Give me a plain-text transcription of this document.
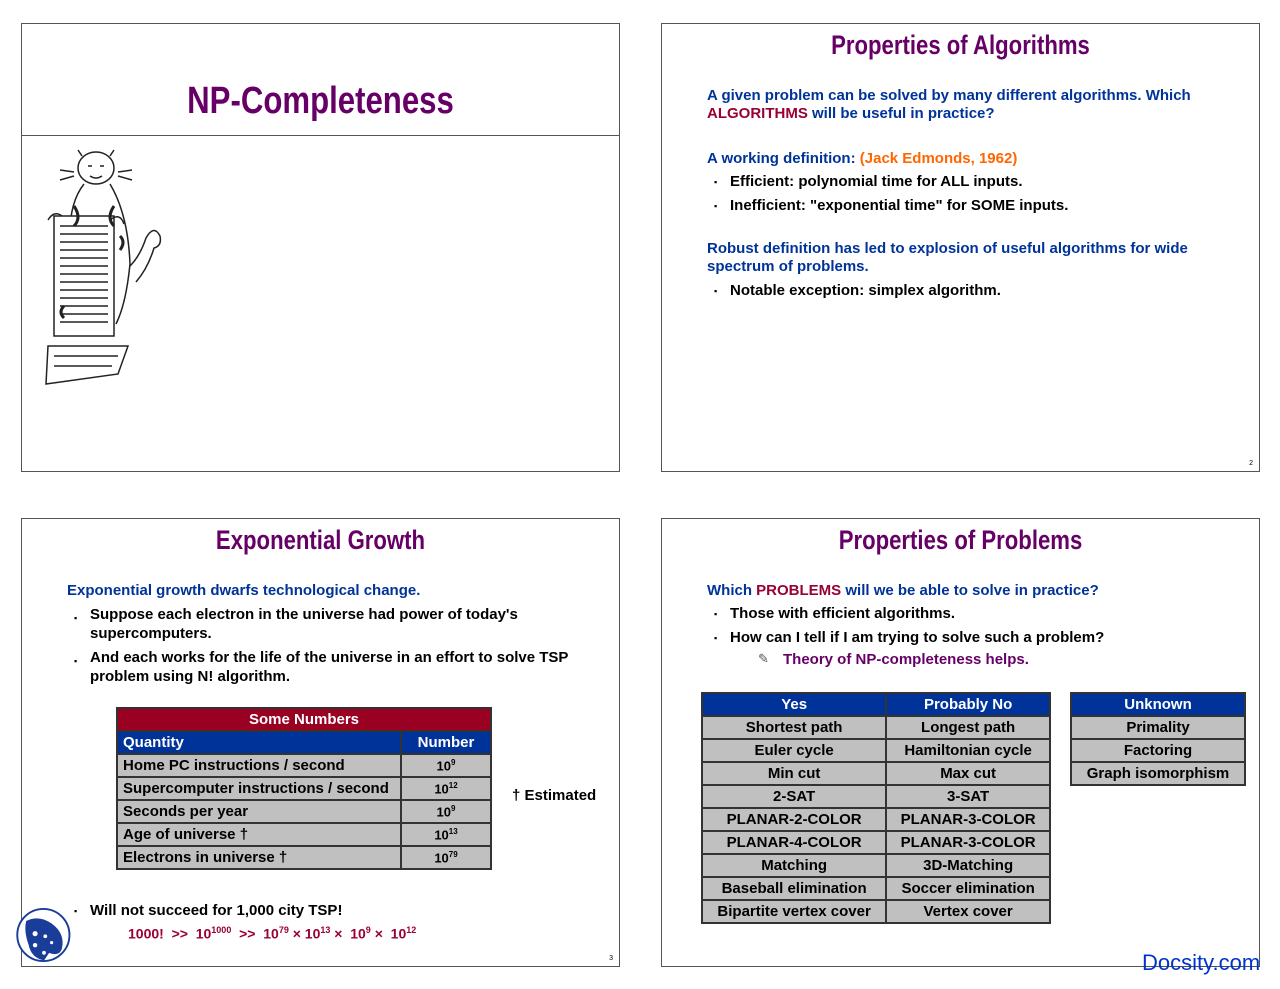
NP-Completeness
Properties of Algorithms
A given problem can be solved by many different algorithms. Which
ALGORITHMS will be useful in practice?
A working definition: (Jack Edmonds, 1962)
▪ Efficient: polynomial time for ALL inputs.
▪ Inefficient: "exponential time" for SOME inputs.
Robust definition has led to explosion of useful algorithms for wide
spectrum of problems.
▪ Notable exception: simplex algorithm.
2
Exponential Growth
Exponential growth dwarfs technological change.
▪ Suppose each electron in the universe had power of today's supercomputers.
▪ And each works for the life of the universe in an effort to solve TSP problem using N! algorithm.
Some Numbers	
Quantity	Number
Home PC instructions / second	$10^9$
Supercomputer instructions / second	$10^{12}$
Seconds per year	$10^9$
Age of universe †	$10^{13}$
Electrons in universe †	$10^{79}$
† Estimated
▪ Will not succeed for 1,000 city TSP!
1000!  >>  $10^{1000} >> 10^{79} \times 10^{13} \times 10^9 \times 10^{12}$
3
Properties of Problems
Which PROBLEMS will we be able to solve in practice?
▪ Those with efficient algorithms.
▪ How can I tell if I am trying to solve such a problem?
✎ Theory of NP-completeness helps.
Yes	Probably No
Shortest path	Longest path
Euler cycle	Hamiltonian cycle
Min cut	Max cut
2-SAT	3-SAT
PLANAR-2-COLOR	PLANAR-3-COLOR
PLANAR-4-COLOR	PLANAR-3-COLOR
Matching	3D-Matching
Baseball elimination	Soccer elimination
Bipartite vertex cover	Vertex cover
Unknown
Primality
Factoring
Graph isomorphism
Docsity.com
